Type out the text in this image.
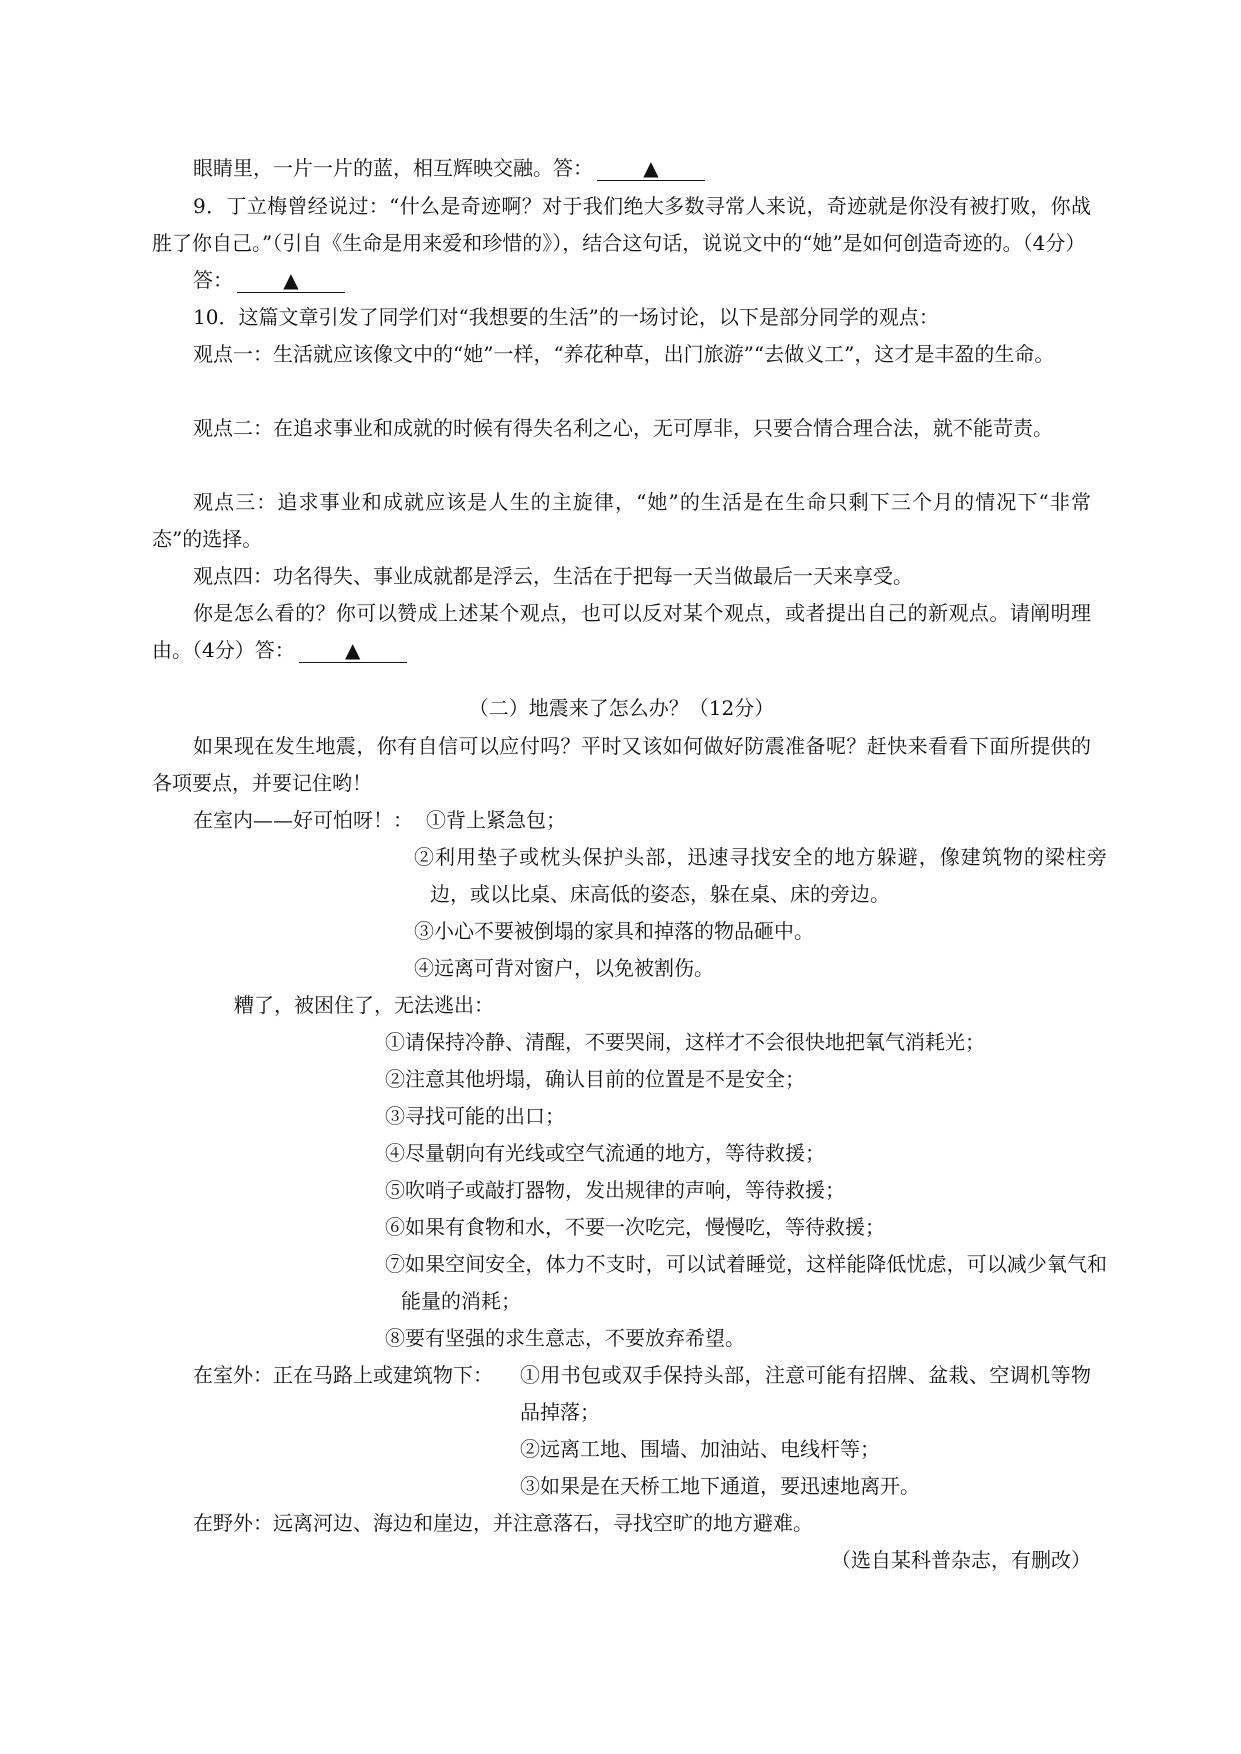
眼睛里，一片一片的蓝，相互辉映交融。答：	▲

9．丁立梅曾经说过：“什么是奇迹啊？对于我们绝大多数寻常人来说，奇迹就是你没有被打败，你战胜了你自己。”（引自《生命是用来爱和珍惜的》），结合这句话，说说文中的“她”是如何创造奇迹的。（4分）

答：	▲

10．这篇文章引发了同学们对“我想要的生活”的一场讨论，以下是部分同学的观点：

观点一：生活就应该像文中的“她”一样，“养花种草，出门旅游”“去做义工”，这才是丰盈的生命。

观点二：在追求事业和成就的时候有得失名利之心，无可厚非，只要合情合理合法，就不能苛责。

观点三：追求事业和成就应该是人生的主旋律，“她”的生活是在生命只剩下三个月的情况下“非常态”的选择。

观点四：功名得失、事业成就都是浮云，生活在于把每一天当做最后一天来享受。

你是怎么看的？你可以赞成上述某个观点，也可以反对某个观点，或者提出自己的新观点。请阐明理由。（4分）答：	▲

（二）地震来了怎么办？（12分）

如果现在发生地震，你有自信可以应付吗？平时又该如何做好防震准备呢？赶快来看看下面所提供的各项要点，并要记住哟！

在室内——好可怕呀！： ①背上紧急包；

②利用垫子或枕头保护头部，迅速寻找安全的地方躲避，像建筑物的梁柱旁边，或以比桌、床高低的姿态，躲在桌、床的旁边。

③小心不要被倒塌的家具和掉落的物品砸中。

④远离可背对窗户，以免被割伤。

糟了，被困住了，无法逃出：

①请保持冷静、清醒，不要哭闹，这样才不会很快地把氧气消耗光；

②注意其他坍塌，确认目前的位置是不是安全；

③寻找可能的出口；

④尽量朝向有光线或空气流通的地方，等待救援；

⑤吹哨子或敲打器物，发出规律的声响，等待救援；

⑥如果有食物和水，不要一次吃完，慢慢吃，等待救援；

⑦如果空间安全，体力不支时，可以试着睡觉，这样能降低忧虑，可以减少氧气和能量的消耗；

⑧要有坚强的求生意志，不要放弃希望。

在室外：正在马路上或建筑物下： ①用书包或双手保持头部，注意可能有招牌、盆栽、空调机等物品掉落；

②远离工地、围墙、加油站、电线杆等；

③如果是在天桥工地下通道，要迅速地离开。

在野外：远离河边、海边和崖边，并注意落石，寻找空旷的地方避难。

（选自某科普杂志，有删改）
